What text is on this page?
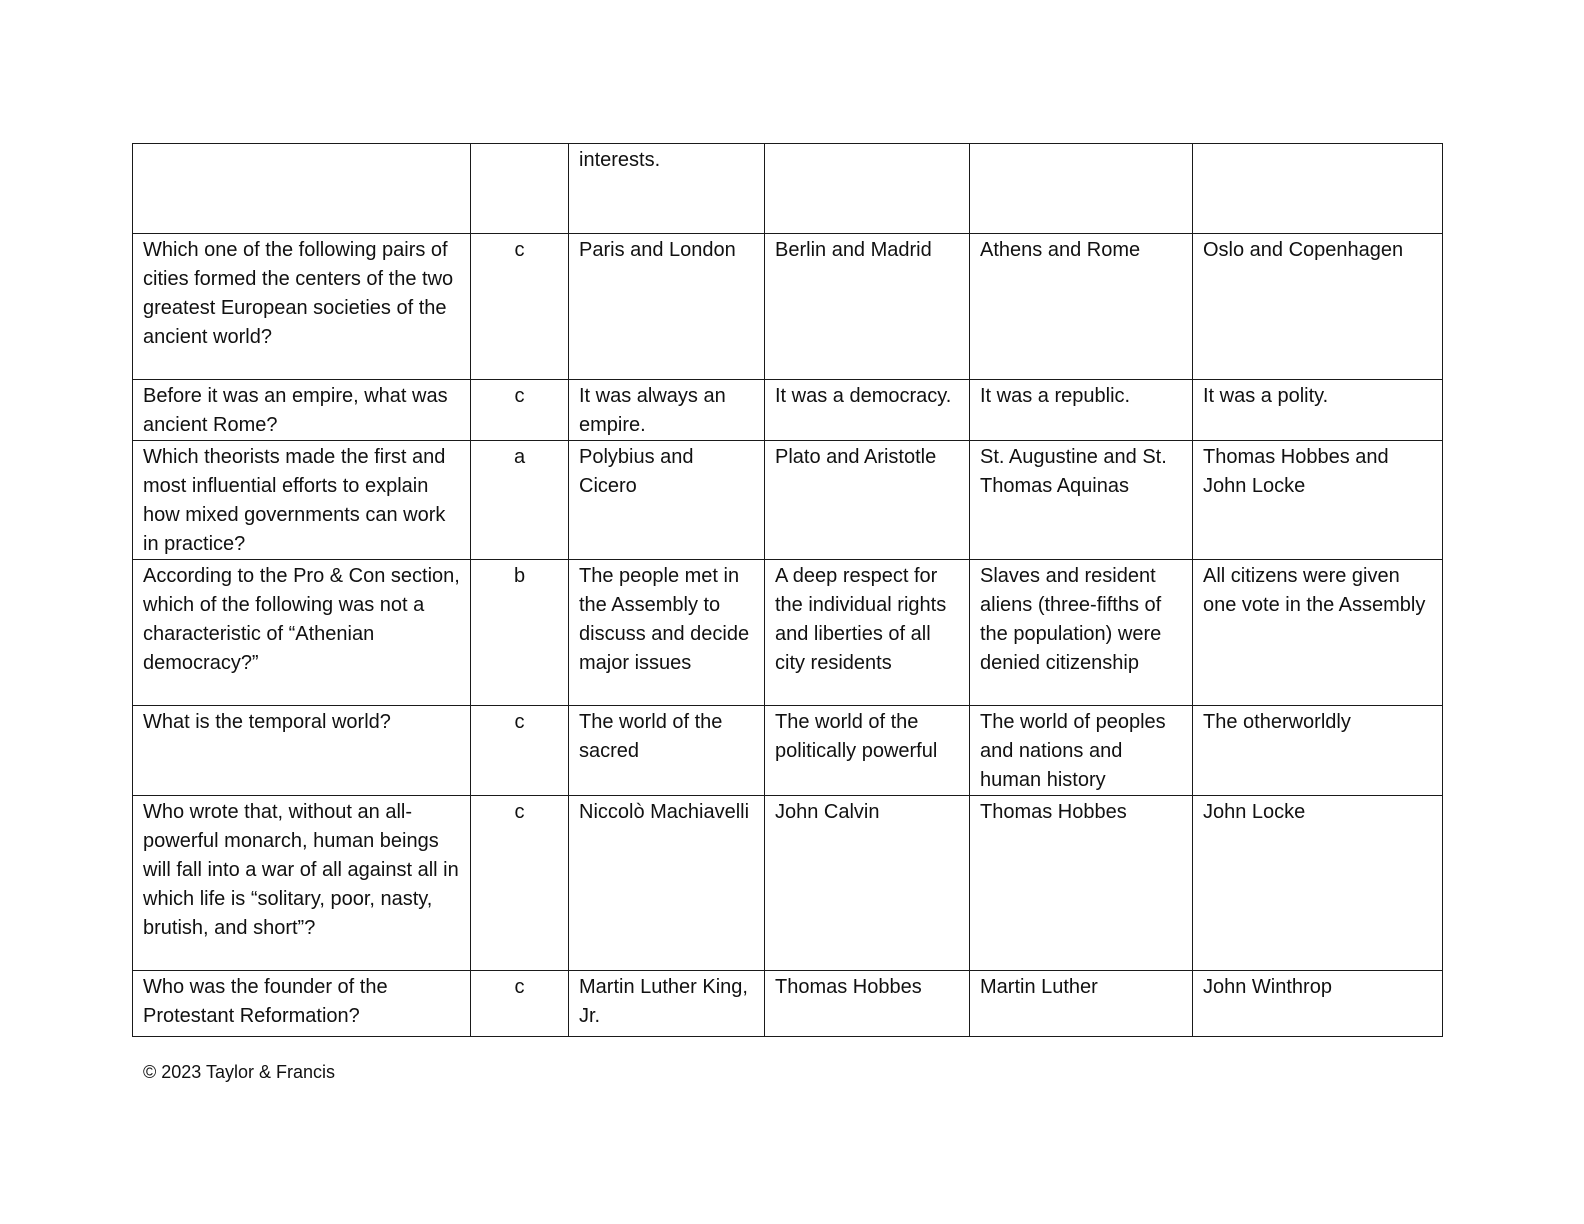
		interests.			
Which one of the following pairs of cities formed the centers of the two greatest European societies of the ancient world?	c	Paris and London	Berlin and Madrid	Athens and Rome	Oslo and Copenhagen
Before it was an empire, what was ancient Rome?	c	It was always an empire.	It was a democracy.	It was a republic.	It was a polity.
Which theorists made the first and most influential efforts to explain how mixed governments can work in practice?	a	Polybius and Cicero	Plato and Aristotle	St. Augustine and St. Thomas Aquinas	Thomas Hobbes and John Locke
According to the Pro & Con section, which of the following was not a characteristic of “Athenian democracy?”	b	The people met in the Assembly to discuss and decide major issues	A deep respect for the individual rights and liberties of all city residents	Slaves and resident aliens (three-fifths of the population) were denied citizenship	All citizens were given one vote in the Assembly
What is the temporal world?	c	The world of the sacred	The world of the politically powerful	The world of peoples and nations and human history	The otherworldly
Who wrote that, without an all-powerful monarch, human beings will fall into a war of all against all in which life is “solitary, poor, nasty, brutish, and short”?	c	Niccolò Machiavelli	John Calvin	Thomas Hobbes	John Locke
Who was the founder of the Protestant Reformation?	c	Martin Luther King, Jr.	Thomas Hobbes	Martin Luther	John Winthrop
© 2023 Taylor & Francis
